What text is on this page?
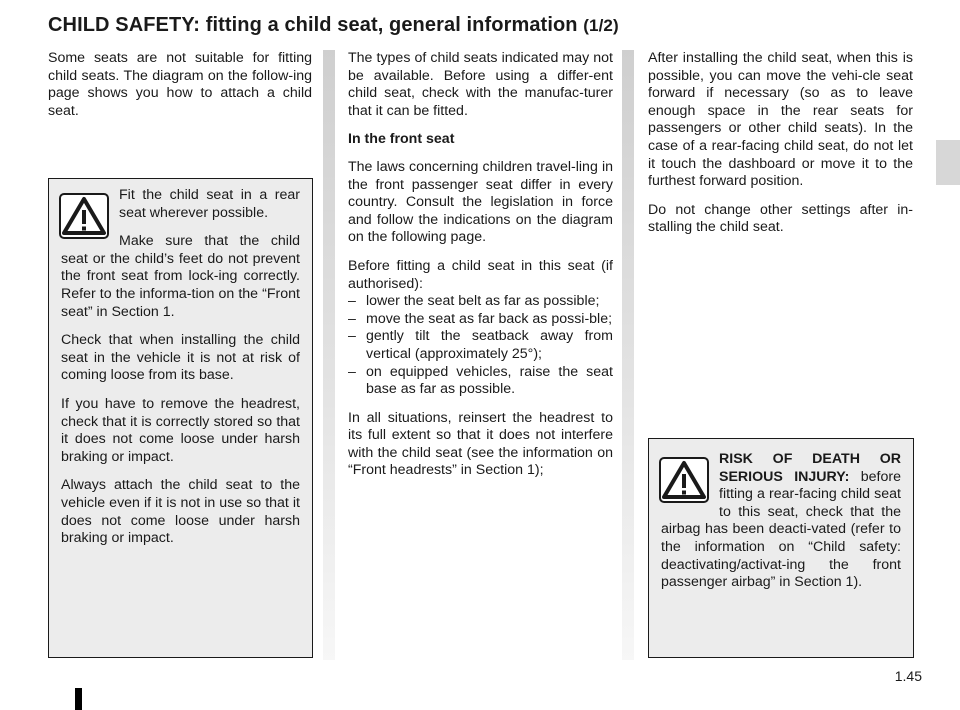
CHILD SAFETY: fitting a child seat, general information (1/2)

Some seats are not suitable for fitting child seats. The diagram on the follow-ing page shows you how to attach a child seat.

Fit the child seat in a rear seat wherever possible.

Make sure that the child seat or the child’s feet do not prevent the front seat from lock-ing correctly. Refer to the informa-tion on the “Front seat” in Section 1.

Check that when installing the child seat in the vehicle it is not at risk of coming loose from its base.

If you have to remove the headrest, check that it is correctly stored so that it does not come loose under harsh braking or impact.

Always attach the child seat to the vehicle even if it is not in use so that it does not come loose under harsh braking or impact.

The types of child seats indicated may not be available. Before using a differ-ent child seat, check with the manufac-turer that it can be fitted.

In the front seat

The laws concerning children travel-ling in the front passenger seat differ in every country. Consult the legislation in force and follow the indications on the diagram on the following page.

Before fitting a child seat in this seat (if authorised):

– lower the seat belt as far as possible;
– move the seat as far back as possi-ble;
– gently tilt the seatback away from vertical (approximately 25°);
– on equipped vehicles, raise the seat base as far as possible.

In all situations, reinsert the headrest to its full extent so that it does not interfere with the child seat (see the information on “Front headrests” in Section 1);

After installing the child seat, when this is possible, you can move the vehi-cle seat forward if necessary (so as to leave enough space in the rear seats for passengers or other child seats). In the case of a rear-facing child seat, do not let it touch the dashboard or move it to the furthest forward position.

Do not change other settings after in-stalling the child seat.

RISK OF DEATH OR SERIOUS INJURY: before fitting a rear-facing child seat to this seat, check that the airbag has been deacti-vated (refer to the information on “Child safety: deactivating/activat-ing the front passenger airbag” in Section 1).

1.45
